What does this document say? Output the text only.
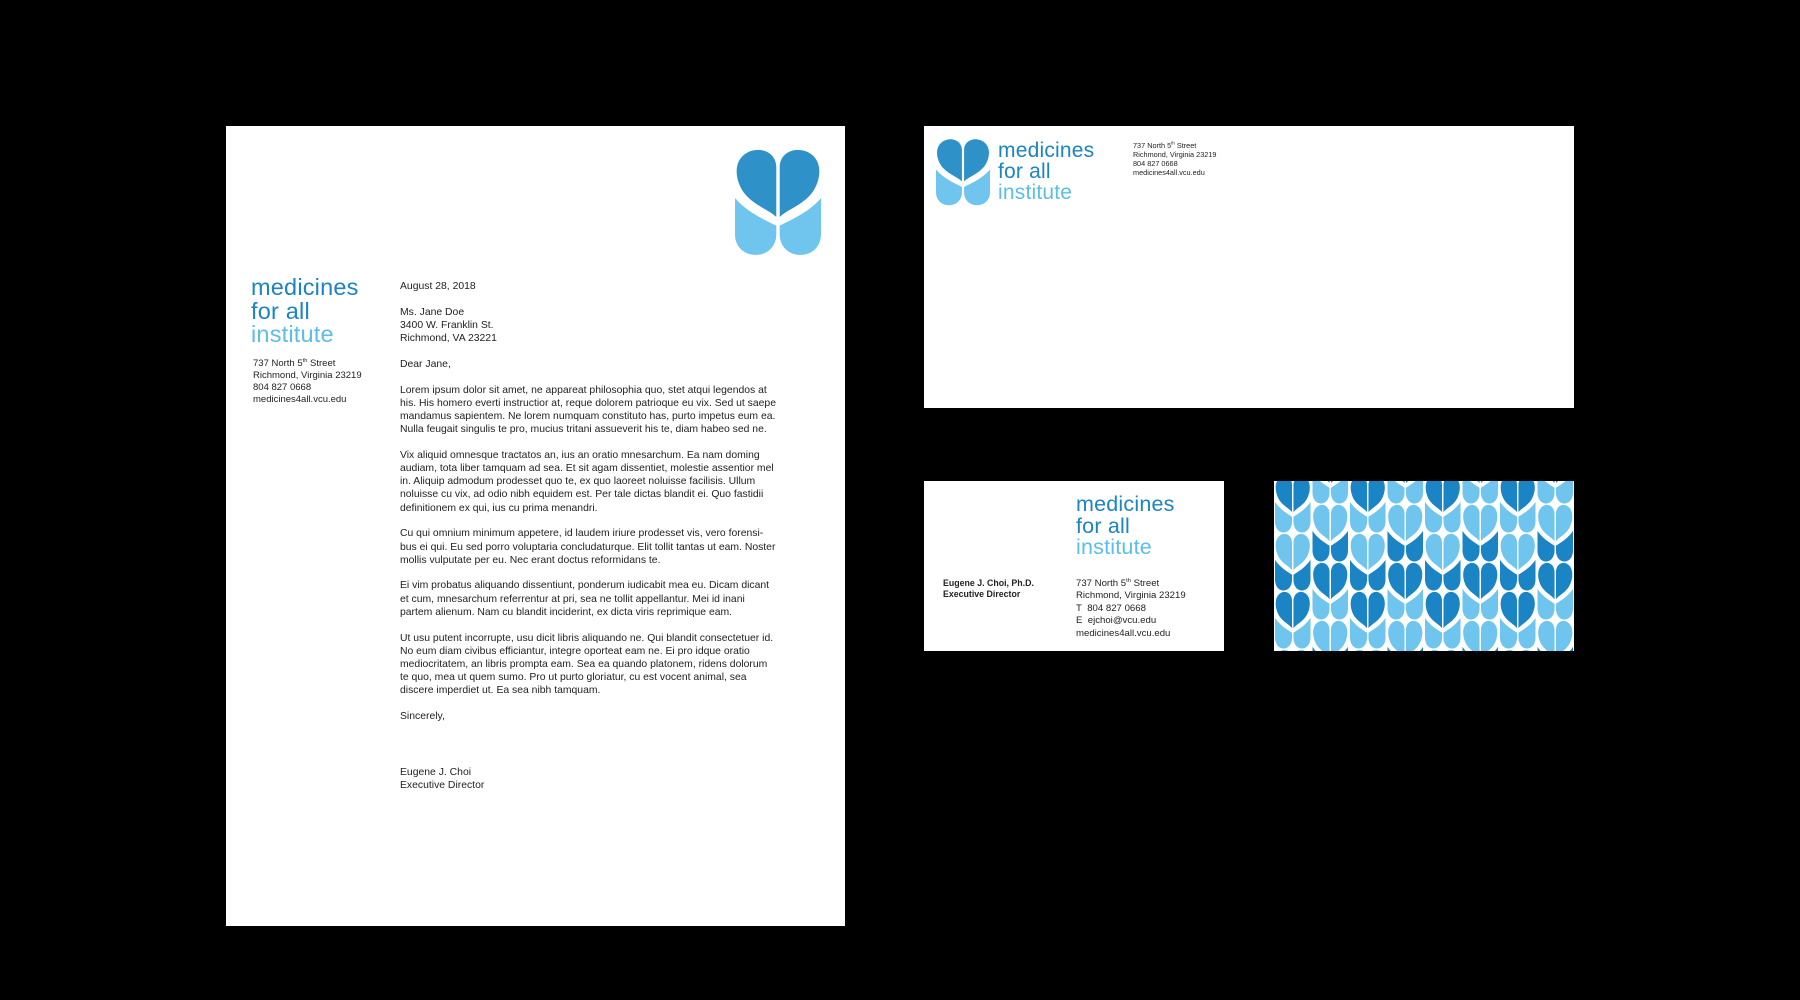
medicines
for all
institute
737 North 5th Street
Richmond, Virginia 23219
804 827 0668
medicines4all.vcu.edu

August 28, 2018

Ms. Jane Doe
3400 W. Franklin St.
Richmond, VA 23221

Dear Jane,

Lorem ipsum dolor sit amet, ne appareat philosophia quo, stet atqui legendos at
his. His homero everti instructior at, reque dolorem patrioque eu vix. Sed ut saepe
mandamus sapientem. Ne lorem numquam constituto has, purto impetus eum ea.
Nulla feugait singulis te pro, mucius tritani assueverit his te, diam habeo sed ne.

Vix aliquid omnesque tractatos an, ius an oratio mnesarchum. Ea nam doming
audiam, tota liber tamquam ad sea. Et sit agam dissentiet, molestie assentior mel
in. Aliquip admodum prodesset quo te, ex quo laoreet noluisse facilisis. Ullum
noluisse cu vix, ad odio nibh equidem est. Per tale dictas blandit ei. Quo fastidii
definitionem ex qui, ius cu prima menandri.

Cu qui omnium minimum appetere, id laudem iriure prodesset vis, vero forensi-
bus ei qui. Eu sed porro voluptaria concludaturque. Elit tollit tantas ut eam. Noster
mollis vulputate per eu. Nec erant doctus reformidans te.

Ei vim probatus aliquando dissentiunt, ponderum iudicabit mea eu. Dicam dicant
et cum, mnesarchum referrentur at pri, sea ne tollit appellantur. Mei id inani
partem alienum. Nam cu blandit inciderint, ex dicta viris reprimique eam.

Ut usu putent incorrupte, usu dicit libris aliquando ne. Qui blandit consectetuer id.
No eum diam civibus efficiantur, integre oporteat eam ne. Ei pro idque oratio
mediocritatem, an libris prompta eam. Sea ea quando platonem, ridens dolorum
te quo, mea ut quem sumo. Pro ut purto gloriatur, cu est vocent animal, sea
discere imperdiet ut. Ea sea nibh tamquam.

Sincerely,

Eugene J. Choi
Executive Director

medicines
for all
institute
737 North 5th Street
Richmond, Virginia 23219
804 827 0668
medicines4all.vcu.edu
medicines
for all
institute
Eugene J. Choi, Ph.D.
Executive Director
737 North 5th Street
Richmond, Virginia 23219
T 804 827 0668
E ejchoi@vcu.edu
medicines4all.vcu.edu
